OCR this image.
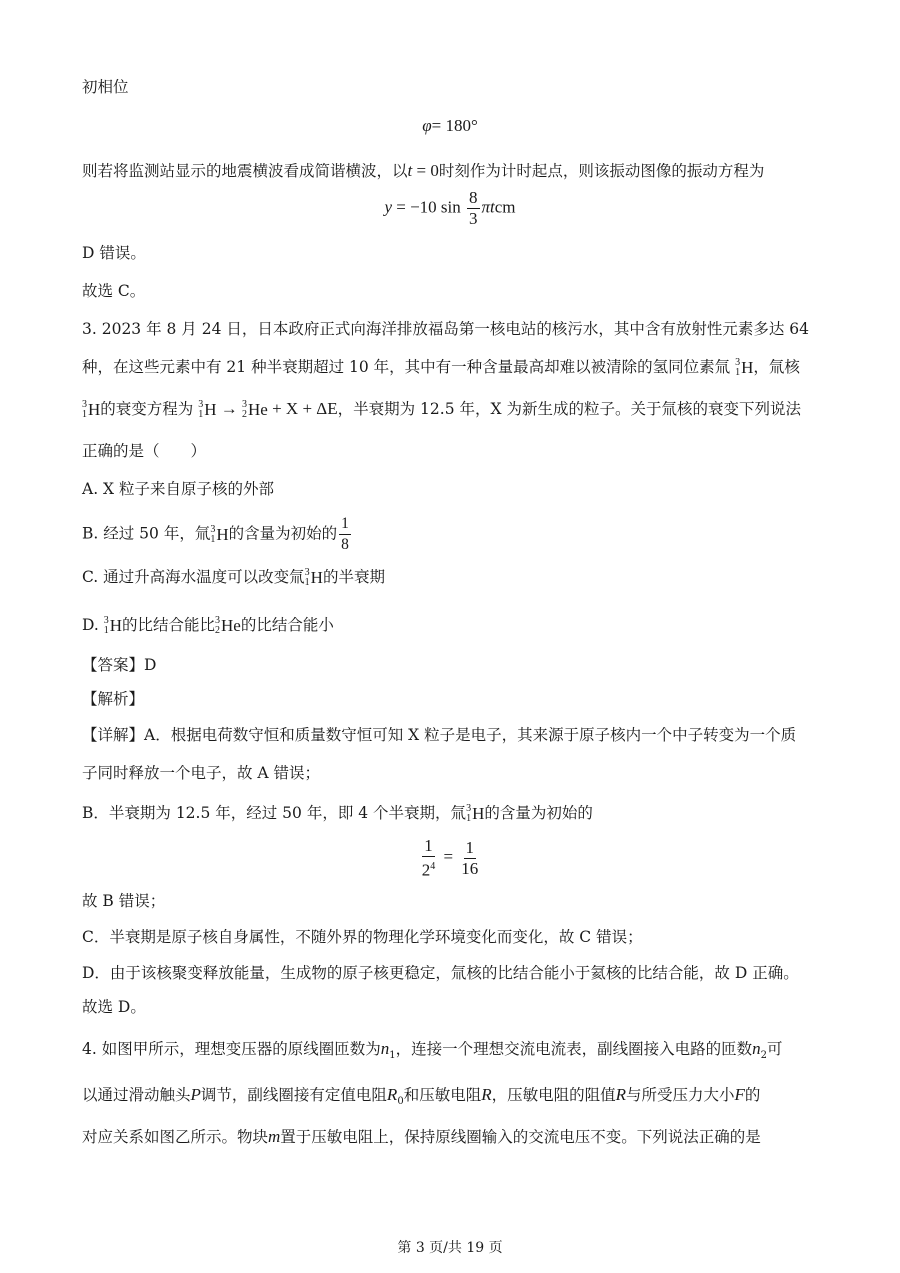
初相位
φ= 180°
则若将监测站显示的地震横波看成简谐横波，以t = 0时刻作为计时起点，则该振动图像的振动方程为
y = −10 $\sin \frac{8}{3}$ πtcm
D 错误。
故选 C。
3. 2023 年 8 月 24 日，日本政府正式向海洋排放福岛第一核电站的核污水，其中含有放射性元素多达 64
种，在这些元素中有 21 种半衰期超过 10 年，其中有一种含量最高却难以被清除的氢同位素氚 3
1 H ，氚核
3
1 H 的衰变方程为 3
1 H → 3
2 He + X + ΔE，半衰期为 12.5 年，X 为新生成的粒子。关于氚核的衰变下列说法
正确的是（　　）
A. X 粒子来自原子核的外部
B. 经过 50 年，氚 3
1 H 的含量为初始的 $\frac{1}{8}$
C. 通过升高海水温度可以改变氚 3
1 H 的半衰期
D. 3
1 H 的比结合能比 3
2 He 的比结合能小
【答案】D
【解析】
【详解】A．根据电荷数守恒和质量数守恒可知 X 粒子是电子，其来源于原子核内一个中子转变为一个质
子同时释放一个电子，故 A 错误；
B．半衰期为 12.5 年，经过 50 年，即 4 个半衰期，氚 3
1 H 的含量为初始的
$\frac{1}{2^4} = \frac{1}{16}$
故 B 错误；
C．半衰期是原子核自身属性，不随外界的物理化学环境变化而变化，故 C 错误；
D．由于该核聚变释放能量，生成物的原子核更稳定，氚核的比结合能小于氦核的比结合能，故 D 正确。
故选 D。
4. 如图甲所示，理想变压器的原线圈匝数为$n_1$，连接一个理想交流电流表，副线圈接入电路的匝数$n_2$可
以通过滑动触头P调节，副线圈接有定值电阻$R_0$和压敏电阻R，压敏电阻的阻值R与所受压力大小F的
对应关系如图乙所示。物块m置于压敏电阻上，保持原线圈输入的交流电压不变。下列说法正确的是
第 3 页/共 19 页
